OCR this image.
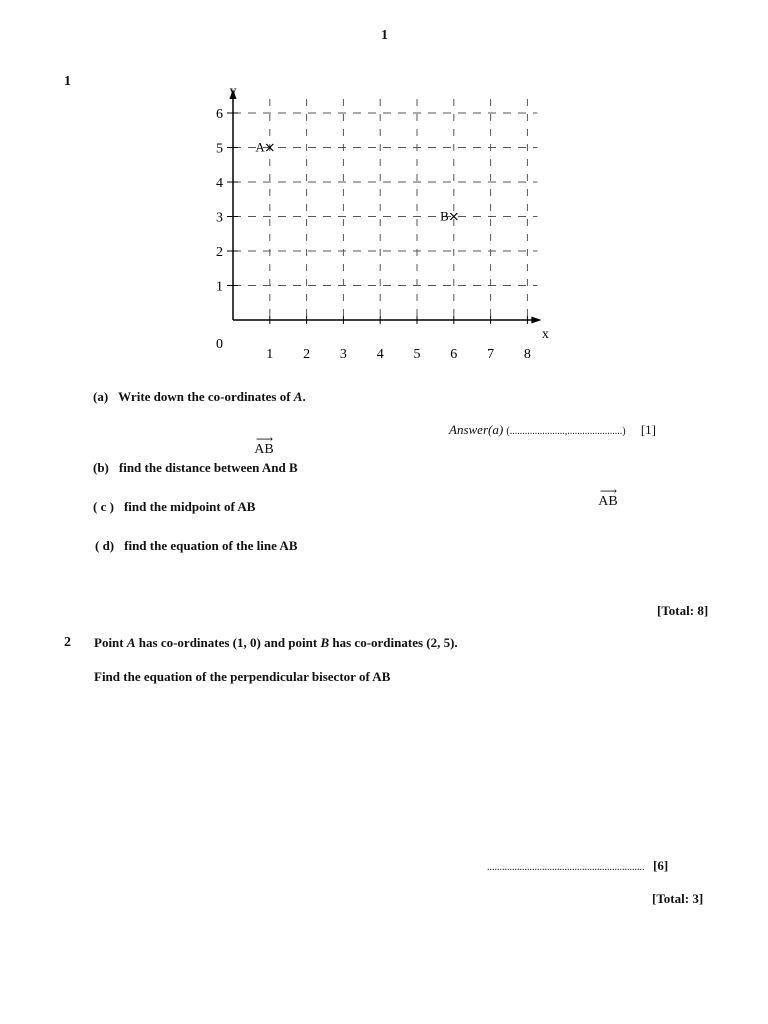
1
1
1 2 3 4 5 6 7 8
1
2
3
4
5
6
0
x
y
A
B
(a) Write down the co-ordinates of A.
Answer(a) (......................,......................) [1]
⟶
AB
(b) find the distance between And B
⟶
AB
( c ) find the midpoint of AB
( d) find the equation of the line AB
[Total: 8]
2 Point A has co-ordinates (1, 0) and point B has co-ordinates (2, 5).
Find the equation of the perpendicular bisector of AB
............................................................... [6]
[Total: 3]
